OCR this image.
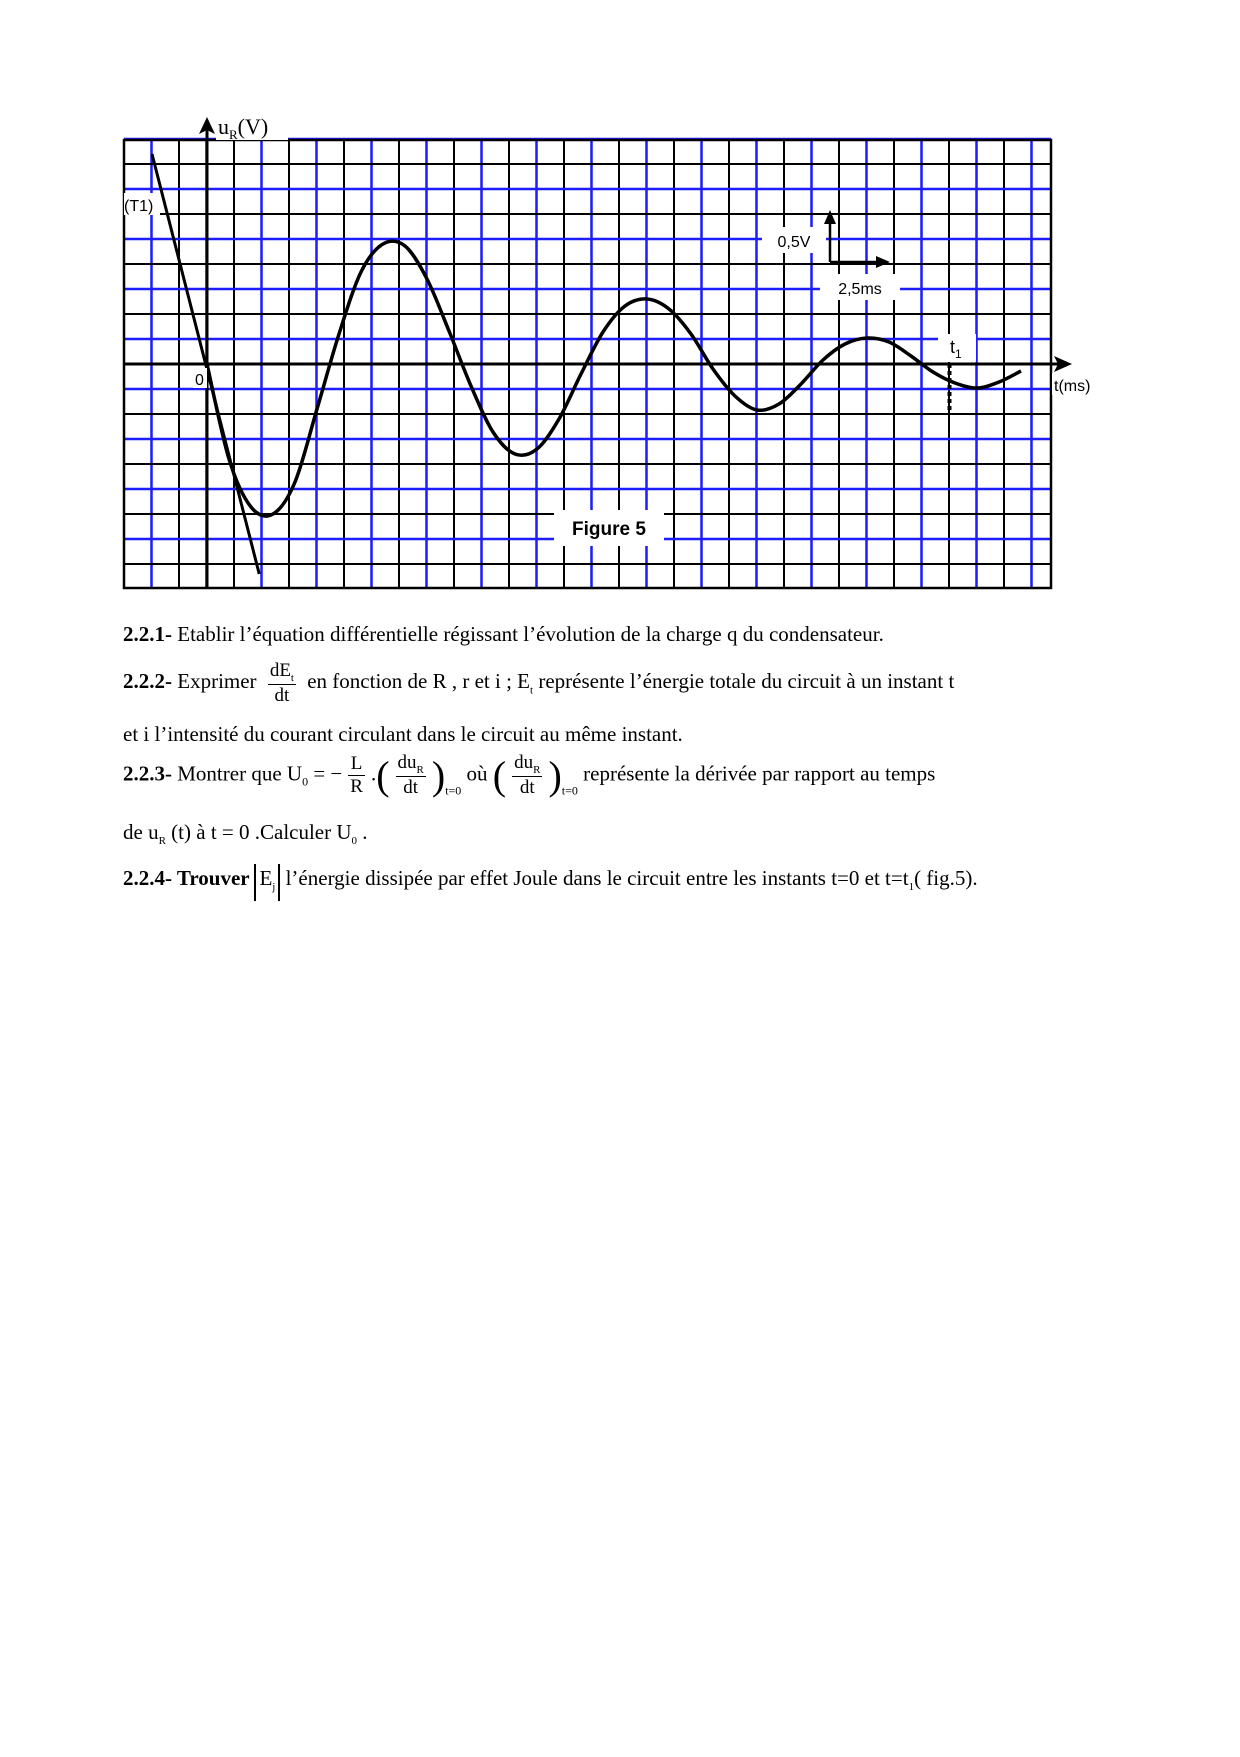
0,5V
2,5ms
$t_1$
t(ms)
$u_R(V)$
0
(T1)
Figure 5
2.2.1- Etablir l’équation différentielle régissant l’évolution de la charge q du condensateur.
2.2.2- Exprimer $\frac{dE_t}{dt}$ en fonction de R , r et i ; $E_t$ représente l’énergie totale du circuit à un instant t
et i l’intensité du courant circulant dans le circuit au même instant.
2.2.3- Montrer que $U_0$ = − $\frac{L}{R}$ .( $\frac{du_R}{dt} )_{t=0}$ où ( $\frac{du_R}{dt} )_{t=0}$ représente la dérivée par rapport au temps
de $u_R$ (t) à t = 0 .Calculer $U_0$ .
2.2.4- Trouver $E_j$ l’énergie dissipée par effet Joule dans le circuit entre les instants t=0 et $t=t_1$( fig.5).
